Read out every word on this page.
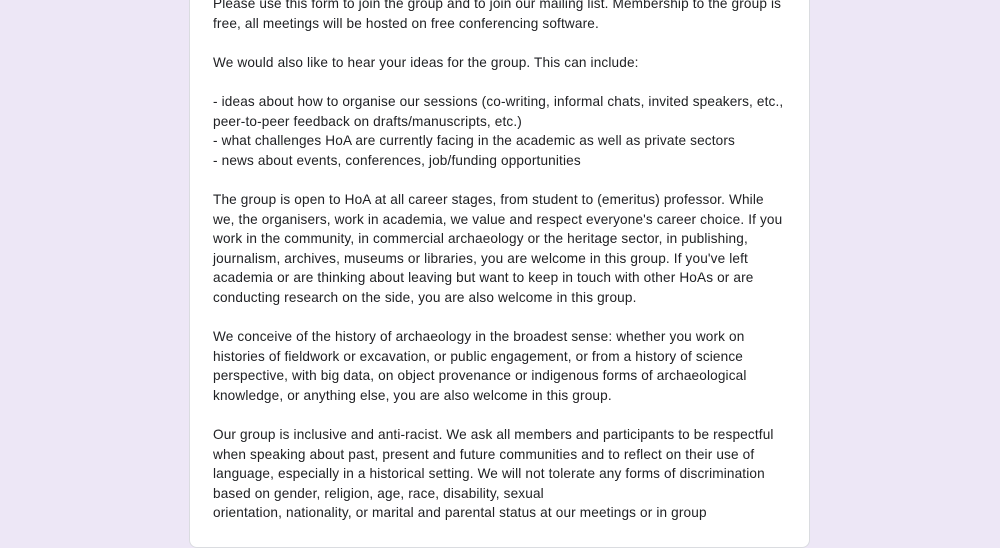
Please use this form to join the group and to join our mailing list. Membership to the group is
free, all meetings will be hosted on free conferencing software.
We would also like to hear your ideas for the group. This can include:
- ideas about how to organise our sessions (co-writing, informal chats, invited speakers, etc.,
peer-to-peer feedback on drafts/manuscripts, etc.)
- what challenges HoA are currently facing in the academic as well as private sectors
- news about events, conferences, job/funding opportunities
The group is open to HoA at all career stages, from student to (emeritus) professor. While
we, the organisers, work in academia, we value and respect everyone's career choice. If you
work in the community, in commercial archaeology or the heritage sector, in publishing,
journalism, archives, museums or libraries, you are welcome in this group. If you've left
academia or are thinking about leaving but want to keep in touch with other HoAs or are
conducting research on the side, you are also welcome in this group.
We conceive of the history of archaeology in the broadest sense: whether you work on
histories of fieldwork or excavation, or public engagement, or from a history of science
perspective, with big data, on object provenance or indigenous forms of archaeological
knowledge, or anything else, you are also welcome in this group.
Our group is inclusive and anti-racist. We ask all members and participants to be respectful
when speaking about past, present and future communities and to reflect on their use of
language, especially in a historical setting. We will not tolerate any forms of discrimination
based on gender, religion, age, race, disability, sexual
orientation, nationality, or marital and parental status at our meetings or in group
